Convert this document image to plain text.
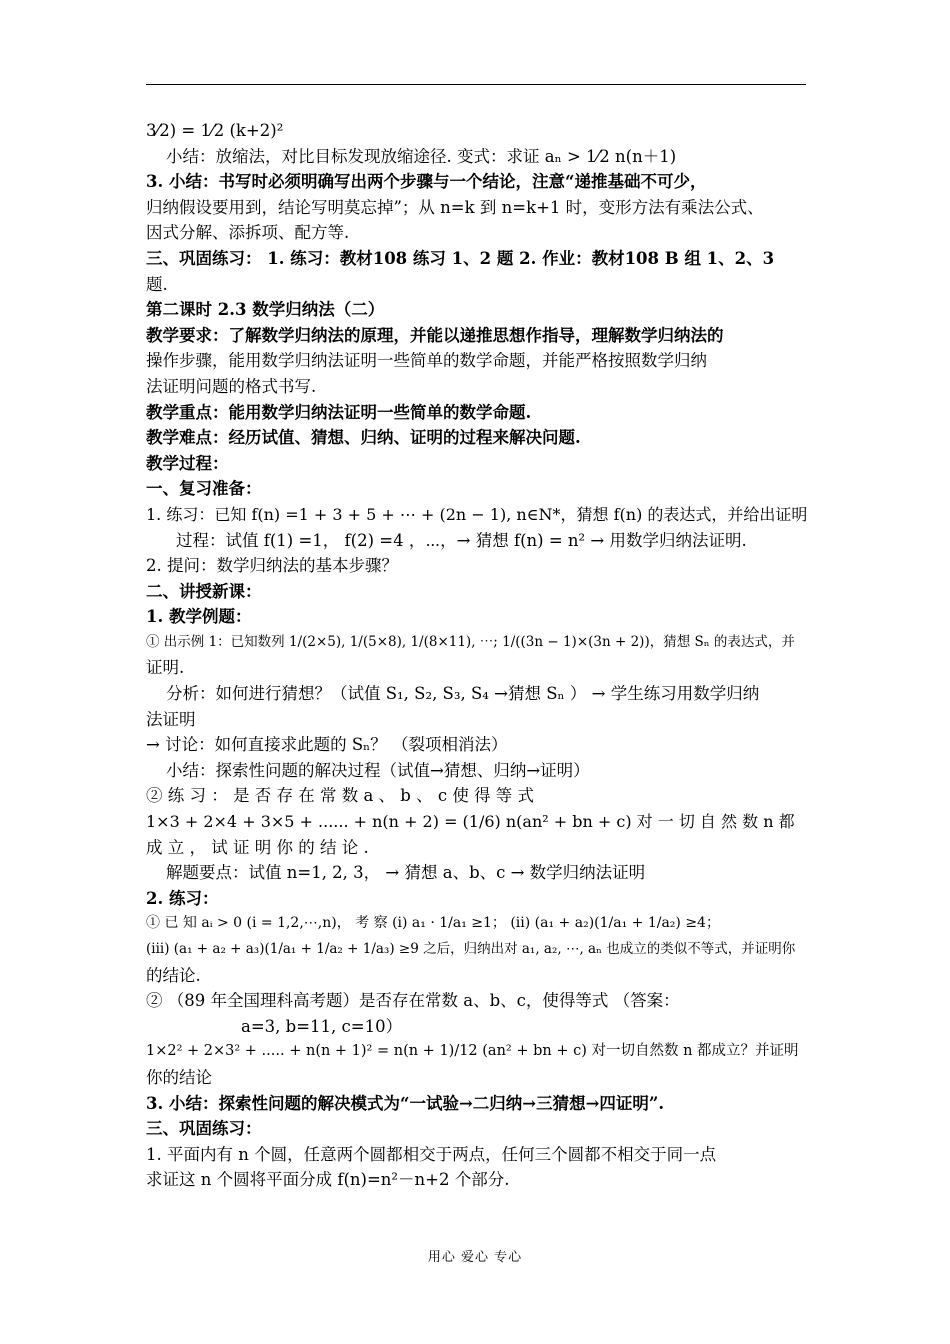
3⁄2) = 1⁄2 (k+2)²
小结：放缩法，对比目标发现放缩途径. 变式：求证 aₙ > 1⁄2 n(n＋1)
3. 小结：书写时必须明确写出两个步骤与一个结论，注意“递推基础不可少，
归纳假设要用到，结论写明莫忘掉”；从 n=k 到 n=k+1 时，变形方法有乘法公式、
因式分解、添拆项、配方等.
三、巩固练习： 1. 练习：教材108 练习 1、2 题 2. 作业：教材108 B 组 1、2、3
题.
第二课时 2.3 数学归纳法（二）
教学要求：了解数学归纳法的原理，并能以递推思想作指导，理解数学归纳法的
操作步骤，能用数学归纳法证明一些简单的数学命题，并能严格按照数学归纳
法证明问题的格式书写.
教学重点：能用数学归纳法证明一些简单的数学命题.
教学难点：经历试值、猜想、归纳、证明的过程来解决问题.
教学过程：
一、复习准备：
1. 练习：已知 f(n) =1 + 3 + 5 + ⋯ + (2n − 1), n∈N*，猜想 f(n) 的表达式，并给出证明
过程：试值 f(1) =1， f(2) =4 ，⋯，→ 猜想 f(n) = n² → 用数学归纳法证明.
2. 提问：数学归纳法的基本步骤？
二、讲授新课：
1. 教学例题：
① 出示例 1：已知数列 1/(2×5), 1/(5×8), 1/(8×11), ⋯; 1/((3n − 1)×(3n + 2))，猜想 Sₙ 的表达式，并
证明.
分析：如何进行猜想？（试值 S₁, S₂, S₃, S₄ →猜想 Sₙ ） → 学生练习用数学归纳
法证明
→ 讨论：如何直接求此题的 Sₙ？ （裂项相消法）
小结：探索性问题的解决过程（试值→猜想、归纳→证明）
② 练 习 ： 是 否 存 在 常 数 a 、 b 、 c 使 得 等 式
1×3 + 2×4 + 3×5 + ...... + n(n + 2) = (1/6) n(an² + bn + c) 对 一 切 自 然 数 n 都
成 立 ， 试 证 明 你 的 结 论 .
解题要点：试值 n=1, 2, 3， → 猜想 a、b、c → 数学归纳法证明
2. 练习：
① 已 知 aᵢ > 0 (i = 1,2,⋯,n)， 考 察 (i) a₁ · 1/a₁ ≥1； (ii) (a₁ + a₂)(1/a₁ + 1/a₂) ≥4；
(iii) (a₁ + a₂ + a₃)(1/a₁ + 1/a₂ + 1/a₃) ≥9 之后，归纳出对 a₁, a₂, ⋯, aₙ 也成立的类似不等式，并证明你
的结论.
② （89 年全国理科高考题）是否存在常数 a、b、c，使得等式 （答案：
a=3, b=11, c=10）
1×2² + 2×3² + ..... + n(n + 1)² = n(n + 1)/12 (an² + bn + c) 对一切自然数 n 都成立？并证明
你的结论
3. 小结：探索性问题的解决模式为“一试验→二归纳→三猜想→四证明”.
三、巩固练习：
1. 平面内有 n 个圆，任意两个圆都相交于两点，任何三个圆都不相交于同一点
求证这 n 个圆将平面分成 f(n)=n²－n+2 个部分.
用心 爱心 专心
